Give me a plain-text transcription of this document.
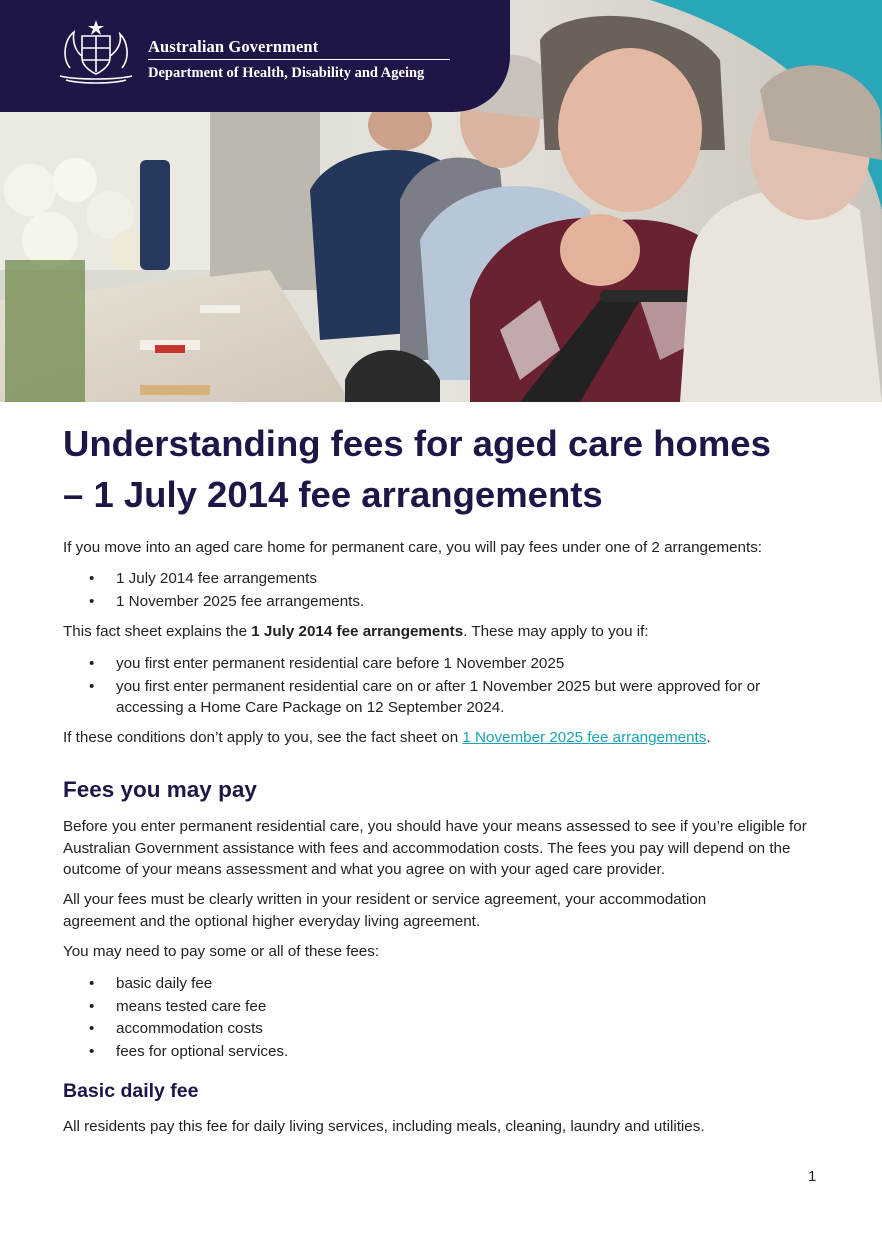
Australian Government
Department of Health, Disability and Ageing
Understanding fees for aged care homes
– 1 July 2014 fee arrangements

If you move into an aged care home for permanent care, you will pay fees under one of 2 arrangements:

• 1 July 2014 fee arrangements
• 1 November 2025 fee arrangements.

This fact sheet explains the 1 July 2014 fee arrangements. These may apply to you if:

• you first enter permanent residential care before 1 November 2025
• you first enter permanent residential care on or after 1 November 2025 but were approved for or accessing a Home Care Package on 12 September 2024.

If these conditions don’t apply to you, see the fact sheet on 1 November 2025 fee arrangements.

Fees you may pay

Before you enter permanent residential care, you should have your means assessed to see if you’re eligible for Australian Government assistance with fees and accommodation costs. The fees you pay will depend on the outcome of your means assessment and what you agree on with your aged care provider.

All your fees must be clearly written in your resident or service agreement, your accommodation agreement and the optional higher everyday living agreement.

You may need to pay some or all of these fees:

• basic daily fee
• means tested care fee
• accommodation costs
• fees for optional services.
Basic daily fee

All residents pay this fee for daily living services, including meals, cleaning, laundry and utilities.

1
